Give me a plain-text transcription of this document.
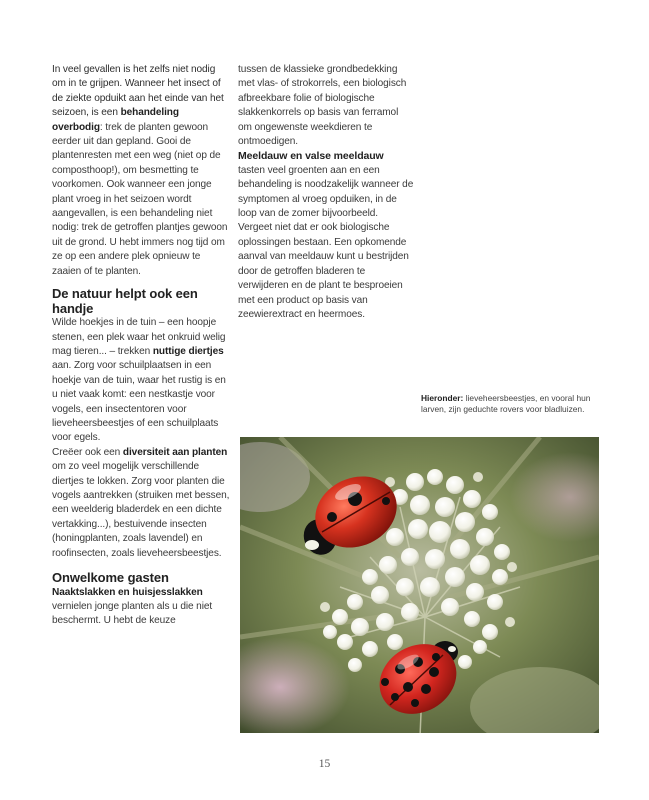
In veel gevallen is het zelfs niet nodig om in te grijpen. Wanneer het insect of de ziekte opduikt aan het einde van het seizoen, is een behandeling overbodig: trek de planten gewoon eerder uit dan gepland. Gooi de plantenresten met een weg (niet op de composthoop!), om besmetting te voorkomen. Ook wanneer een jonge plant vroeg in het seizoen wordt aangevallen, is een behandeling niet nodig: trek de getroffen plantjes gewoon uit de grond. U hebt immers nog tijd om ze op een andere plek opnieuw te zaaien of te planten.

De natuur helpt ook een handje

Wilde hoekjes in de tuin – een hoopje stenen, een plek waar het onkruid welig mag tieren... – trekken nuttige diertjes aan. Zorg voor schuilplaatsen in een hoekje van de tuin, waar het rustig is en u niet vaak komt: een nestkastje voor vogels, een insectentoren voor lieveheersbeestjes of een schuilplaats voor egels.

Creëer ook een diversiteit aan planten om zo veel mogelijk verschillende diertjes te lokken. Zorg voor planten die vogels aantrekken (struiken met bessen, een weelderig bladerdek en een dichte vertakking...), bestuivende insecten (honingplanten, zoals lavendel) en roofinsecten, zoals lieveheersbeestjes.

Onwelkome gasten

Naaktslakken en huisjesslakken vernielen jonge planten als u die niet beschermt. U hebt de keuze

tussen de klassieke grondbedekking met vlas- of strokorrels, een biologisch afbreekbare folie of biologische slakkenkorrels op basis van ferramol om ongewenste weekdieren te ontmoedigen.

Meeldauw en valse meeldauw

tasten veel groenten aan en een behandeling is noodzakelijk wanneer de symptomen al vroeg opduiken, in de loop van de zomer bijvoorbeeld. Vergeet niet dat er ook biologische oplossingen bestaan. Een opkomende aanval van meeldauw kunt u bestrijden door de getroffen bladeren te verwijderen en de plant te besproeien met een product op basis van zeewierextract en heermoes.

Hieronder: lieveheersbeestjes, en vooral hun larven, zijn geduchte rovers voor bladluizen.
15
